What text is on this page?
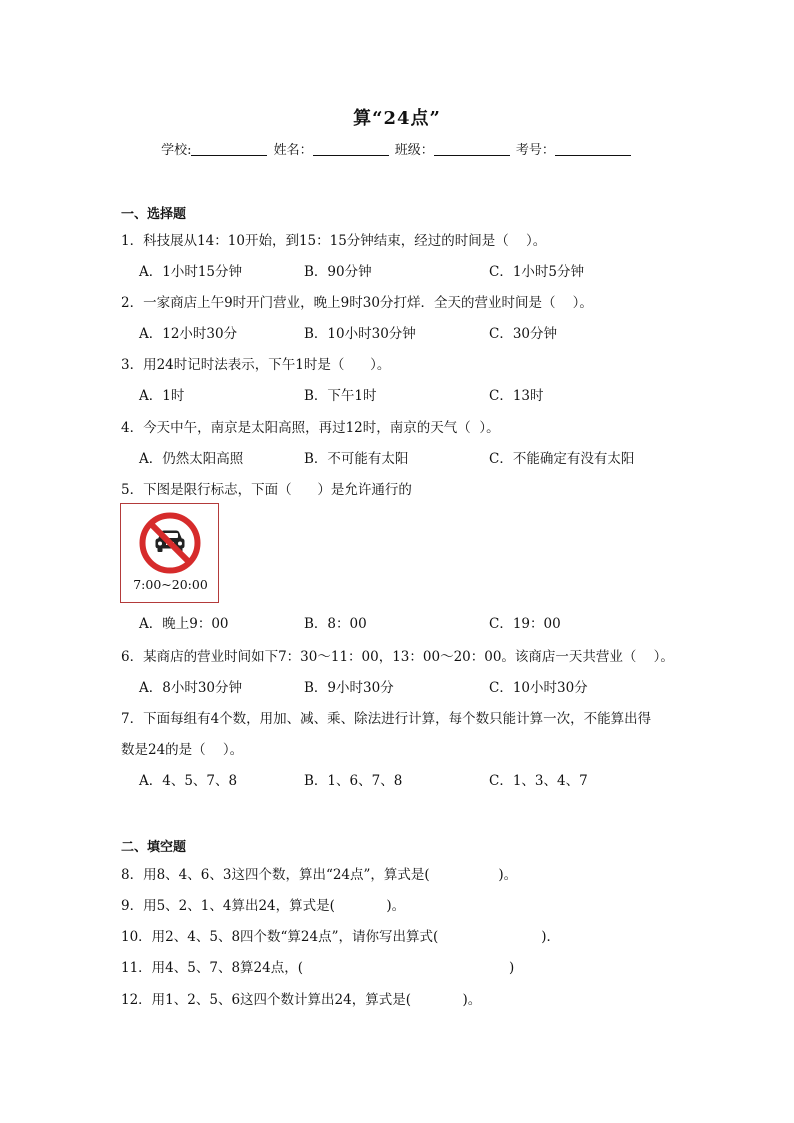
算“24点”
学校:	姓名：	班级：	考号：
一、选择题
1．科技展从14：10开始，到15：15分钟结束，经过的时间是（    ）。
A．1小时15分钟	B．90分钟	C．1小时5分钟
2．一家商店上午9时开门营业，晚上9时30分打烊．全天的营业时间是（    ）。
A．12小时30分	B．10小时30分钟	C．30分钟
3．用24时记时法表示，下午1时是（      ）。
A．1时	B．下午1时	C．13时
4．今天中午，南京是太阳高照，再过12时，南京的天气（  ）。
A．仍然太阳高照	B．不可能有太阳	C．不能确定有没有太阳
5．下图是限行标志，下面（      ）是允许通行的
7:00~20:00
A．晚上9：00	B．8：00	C．19：00
6．某商店的营业时间如下7：30～11：00，13：00～20：00。该商店一天共营业（    ）。
A．8小时30分钟	B．9小时30分	C．10小时30分
7．下面每组有4个数，用加、减、乘、除法进行计算，每个数只能计算一次，不能算出得
数是24的是（    ）。
A．4、5、7、8	B．1、6、7、8	C．1、3、4、7
二、填空题
8．用8、4、6、3这四个数，算出“24点”，算式是(                )。
9．用5、2、1、4算出24，算式是(            )。
10．用2、4、5、8四个数“算24点”，请你写出算式(                        )．
11．用4、5、7、8算24点，(                                                )
12．用1、2、5、6这四个数计算出24，算式是(            )。
